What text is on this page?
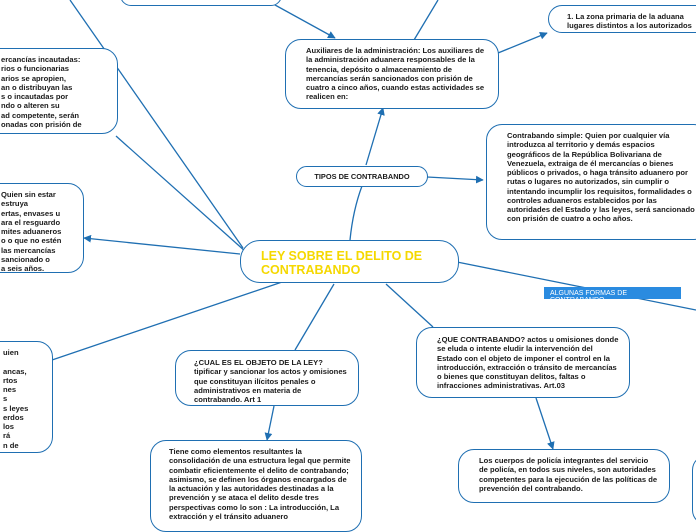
1. La zona primaria de la aduana
lugares distintos a los autorizados
Auxiliares de la administración: Los auxiliares de la administración aduanera responsables de la tenencia, depósito o almacenamiento de mercancías serán sancionados con prisión de cuatro a cinco años, cuando estas actividades se realicen en:
ercancías incautadas:
rios o funcionarias
arios se apropien,
an o distribuyan las
s o incautadas por
ndo o alteren su
ad competente, serán
onadas con prisión de
Contrabando simple: Quien por cualquier vía introduzca al territorio y demás espacios geográficos de la República Bolivariana de Venezuela, extraiga de él mercancías o bienes públicos o privados, o haga tránsito aduanero por rutas o lugares no autorizados, sin cumplir o intentando incumplir los requisitos, formalidades o controles aduaneros establecidos por las autoridades del Estado y las leyes, será sancionado con prisión de cuatro a ocho años.
TIPOS DE CONTRABANDO
Quien sin estar
estruya
ertas, envases u
ara el resguardo
mites aduaneros
o o que no estén
las mercancías
sancionado o
a seis años.
LEY SOBRE EL DELITO DE CONTRABANDO
ALGUNAS FORMAS DE CONTRABANDO
uien

ancas,
rtos
nes
s
s leyes
erdos
los
rá
n de
¿CUAL ES EL OBJETO DE LA LEY?tipificar y sancionar los actos y omisiones que constituyan ilícitos penales o administrativos en materia de contrabando. Art 1
¿QUE CONTRABANDO? actos u omisiones donde se eluda o intente eludir la intervención del Estado con el objeto de imponer el control en la introducción, extracción o tránsito de mercancías o bienes que constituyan delitos, faltas o infracciones administrativas. Art.03
Tiene como elementos resultantes la consolidación de una estructura legal que permite combatir eficientemente el delito de contrabando; asimismo, se definen los órganos encargados de la actuación y las autoridades destinadas a la prevención y se ataca el delito desde tres perspectivas como lo son : La introducción, La extracción y el tránsito aduanero
Los cuerpos de policía integrantes del servicio de policía, en todos sus niveles, son autoridades competentes para la ejecución de las políticas de prevención del contrabando.
